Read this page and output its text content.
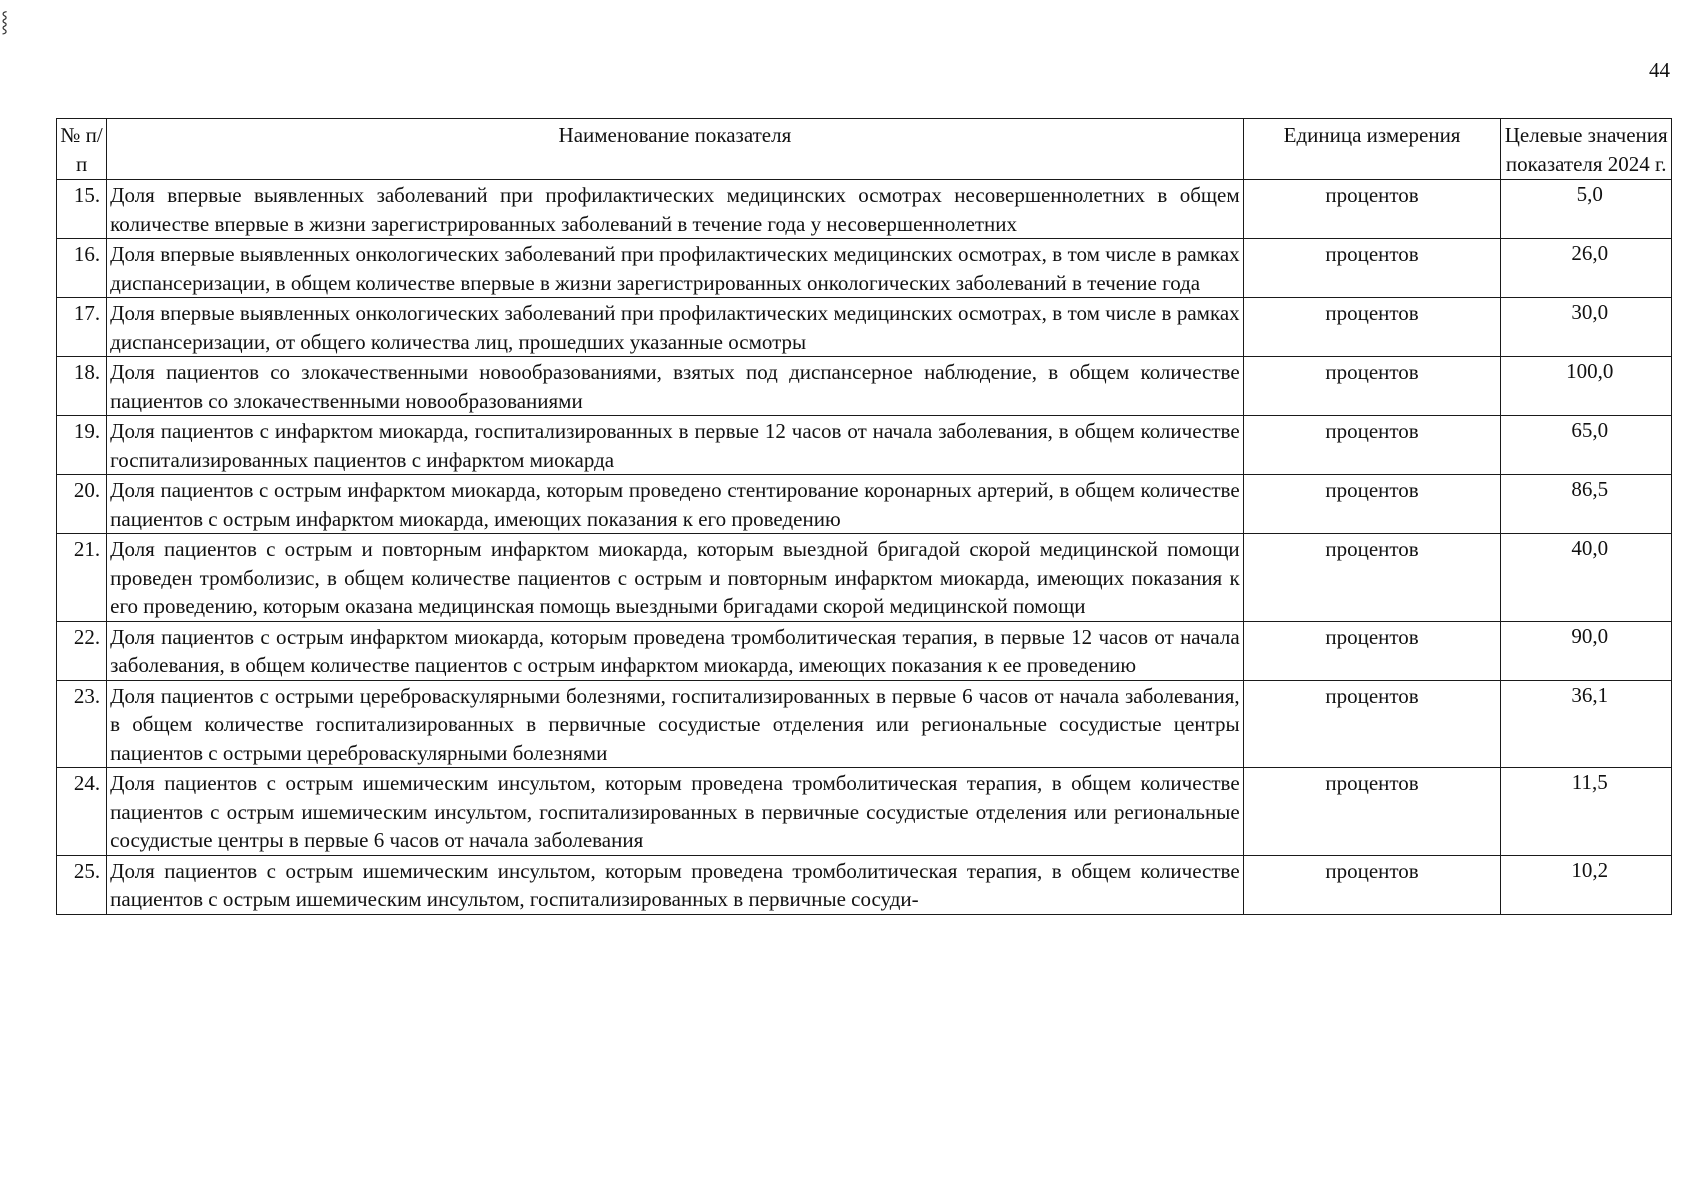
⸾
44
№ п/п	Наименование показателя	Единица измерения	Целевые значения показателя 2024 г.
15.	Доля впервые выявленных заболеваний при профилактических медицинских осмотрах несовершеннолетних в общем количестве впервые в жизни зарегистрированных заболеваний в течение года у несовершеннолетних	процентов	5,0
16.	Доля впервые выявленных онкологических заболеваний при профилактических медицинских осмотрах, в том числе в рамках диспансеризации, в общем количестве впервые в жизни зарегистрированных онкологических заболеваний в течение года	процентов	26,0
17.	Доля впервые выявленных онкологических заболеваний при профилактических медицинских осмотрах, в том числе в рамках диспансеризации, от общего количества лиц, прошедших указанные осмотры	процентов	30,0
18.	Доля пациентов со злокачественными новообразованиями, взятых под диспансерное наблюдение, в общем количестве пациентов со злокачественными новообразованиями	процентов	100,0
19.	Доля пациентов с инфарктом миокарда, госпитализированных в первые 12 часов от начала заболевания, в общем количестве госпитализированных пациентов с инфарктом миокарда	процентов	65,0
20.	Доля пациентов с острым инфарктом миокарда, которым проведено стентирование коронарных артерий, в общем количестве пациентов с острым инфарктом миокарда, имеющих показания к его проведению	процентов	86,5
21.	Доля пациентов с острым и повторным инфарктом миокарда, которым выездной бригадой скорой медицинской помощи проведен тромболизис, в общем количестве пациентов с острым и повторным инфарктом миокарда, имеющих показания к его проведению, которым оказана медицинская помощь выездными бригадами скорой медицинской помощи	процентов	40,0
22.	Доля пациентов с острым инфарктом миокарда, которым проведена тромболитическая терапия, в первые 12 часов от начала заболевания, в общем количестве пациентов с острым инфарктом миокарда, имеющих показания к ее проведению	процентов	90,0
23.	Доля пациентов с острыми цереброваскулярными болезнями, госпитализированных в первые 6 часов от начала заболевания, в общем количестве госпитализированных в первичные сосудистые отделения или региональные сосудистые центры пациентов с острыми цереброваскулярными болезнями	процентов	36,1
24.	Доля пациентов с острым ишемическим инсультом, которым проведена тромболитическая терапия, в общем количестве пациентов с острым ишемическим инсультом, госпитализированных в первичные сосудистые отделения или региональные сосудистые центры в первые 6 часов от начала заболевания	процентов	11,5
25.	Доля пациентов с острым ишемическим инсультом, которым проведена тромболитическая терапия, в общем количестве пациентов с острым ишемическим инсультом, госпитализированных в первичные сосуди-	процентов	10,2
